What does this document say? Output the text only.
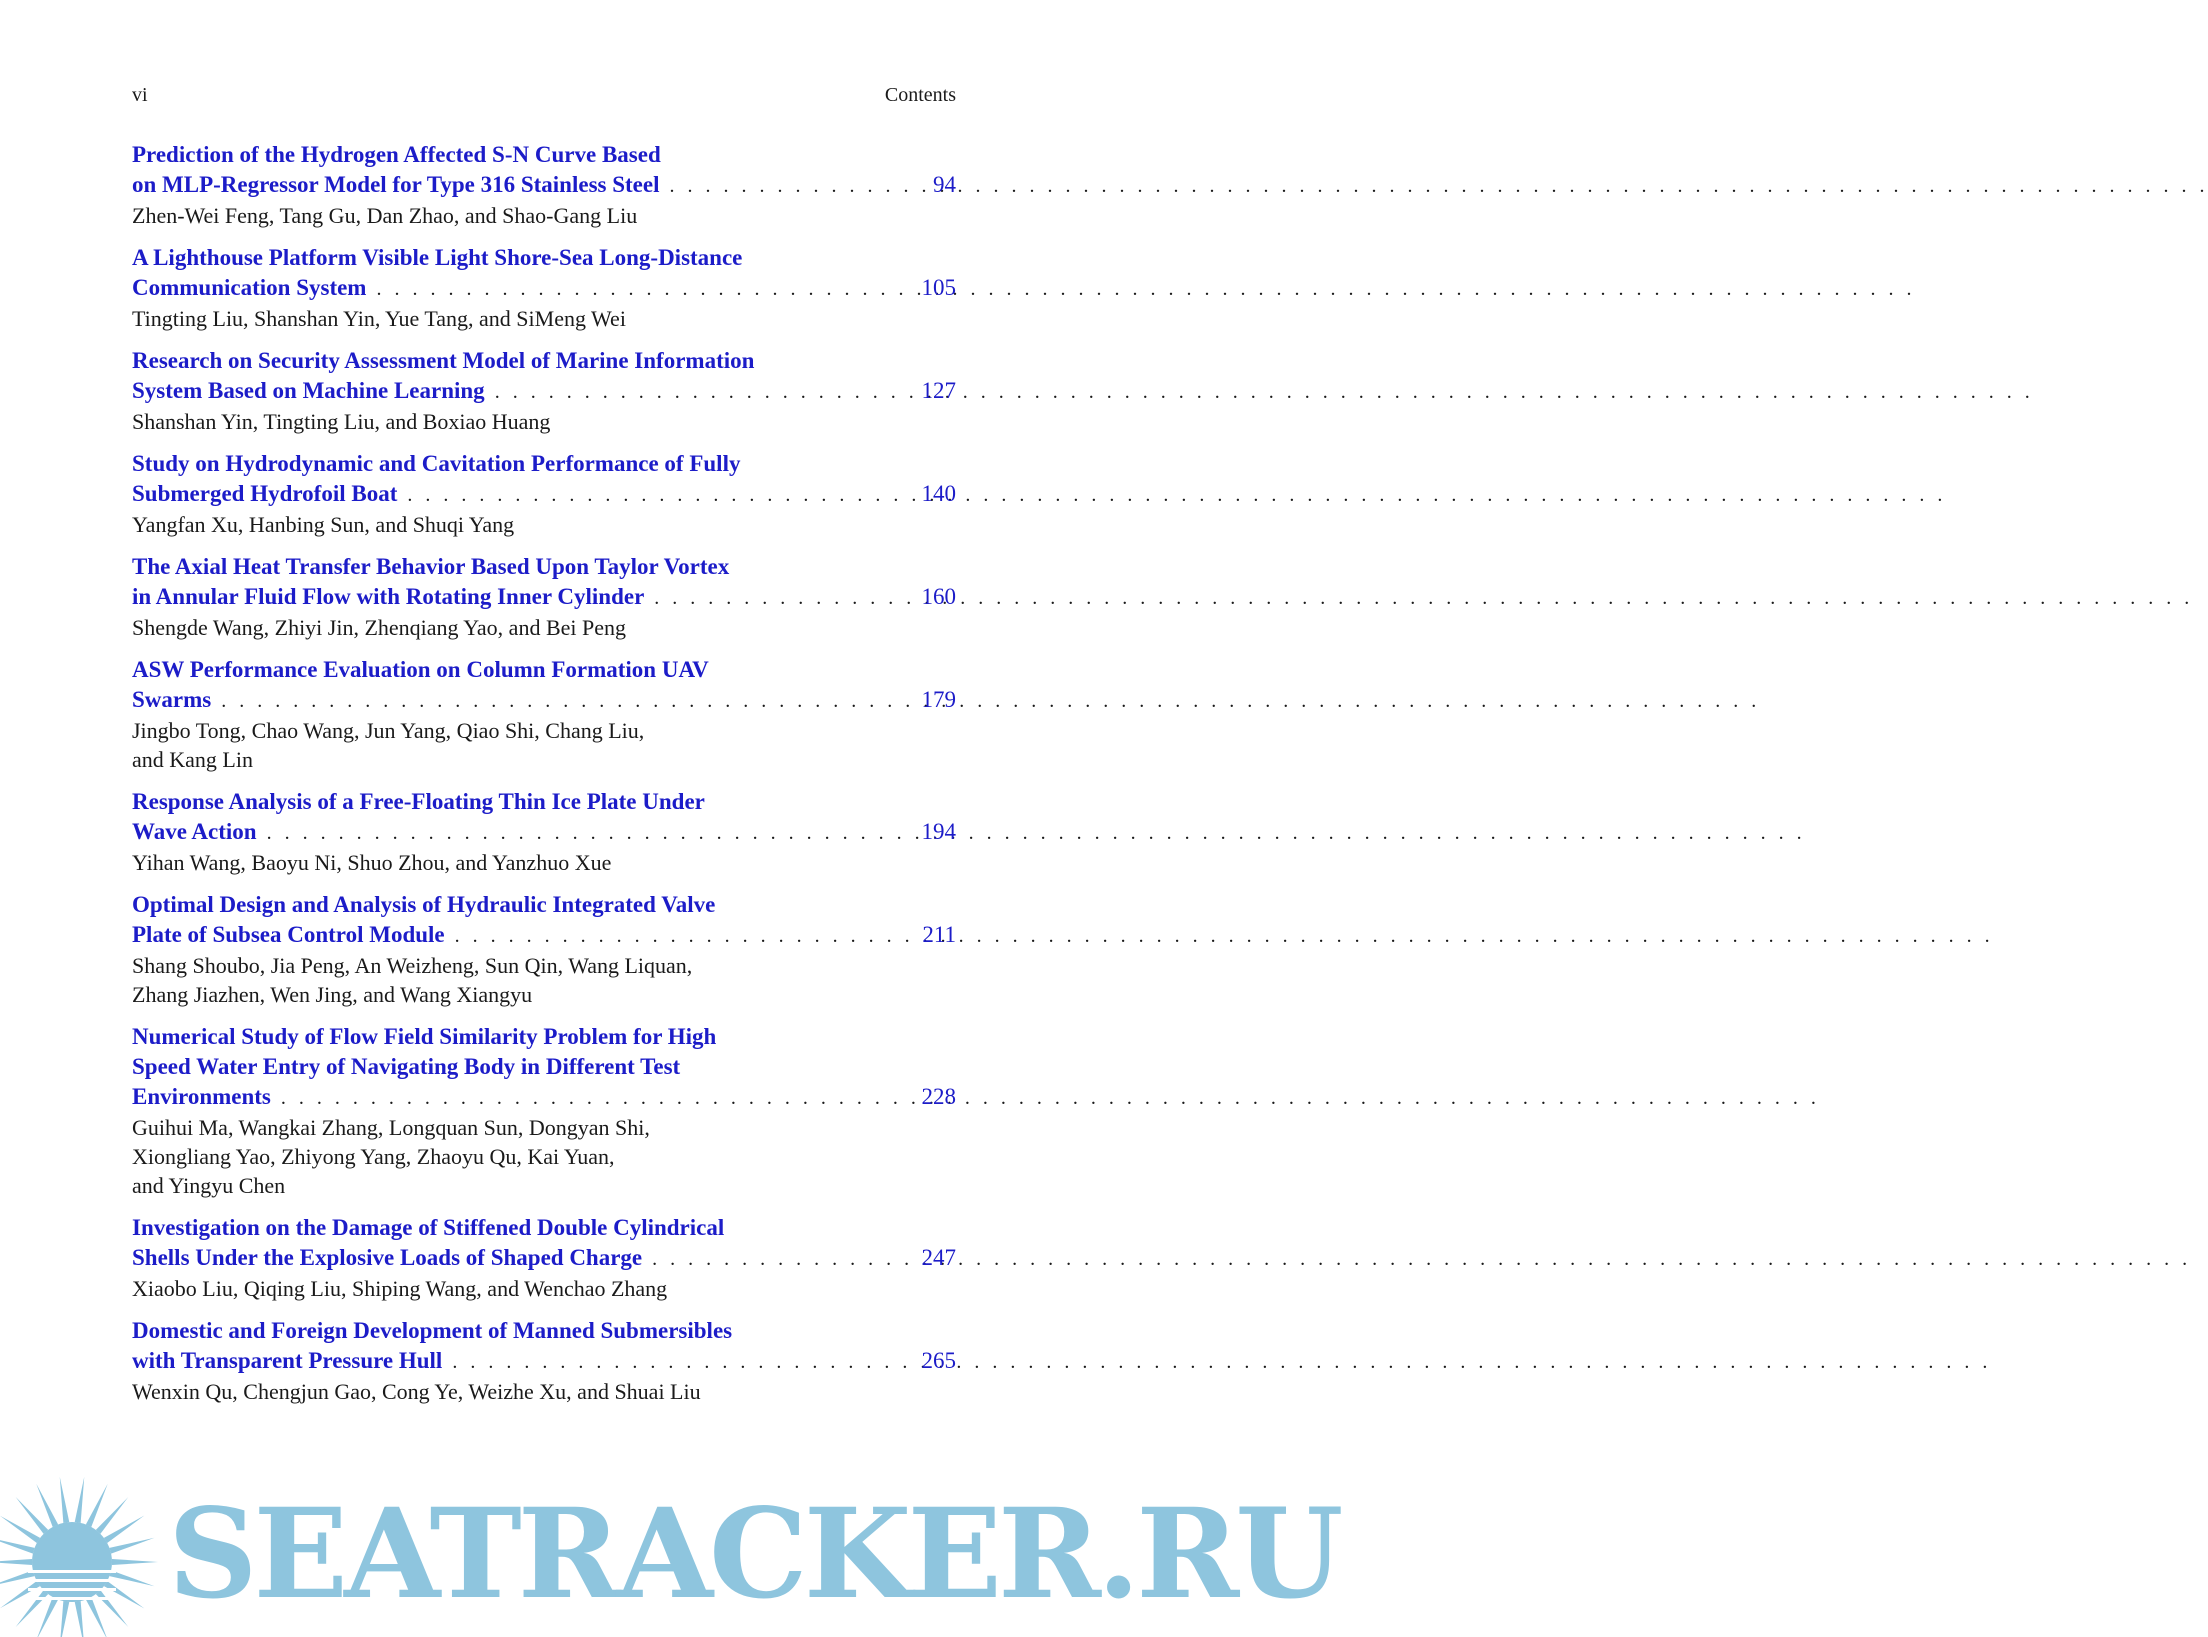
vi	Contents
Prediction of the Hydrogen Affected S-N Curve Based
on MLP-Regressor Model for Type 316 Stainless Steel . . .	94
Zhen-Wei Feng, Tang Gu, Dan Zhao, and Shao-Gang Liu
A Lighthouse Platform Visible Light Shore-Sea Long-Distance
Communication System . . .	105
Tingting Liu, Shanshan Yin, Yue Tang, and SiMeng Wei
Research on Security Assessment Model of Marine Information
System Based on Machine Learning . . .	127
Shanshan Yin, Tingting Liu, and Boxiao Huang
Study on Hydrodynamic and Cavitation Performance of Fully
Submerged Hydrofoil Boat . . .	140
Yangfan Xu, Hanbing Sun, and Shuqi Yang
The Axial Heat Transfer Behavior Based Upon Taylor Vortex
in Annular Fluid Flow with Rotating Inner Cylinder . . .	160
Shengde Wang, Zhiyi Jin, Zhenqiang Yao, and Bei Peng
ASW Performance Evaluation on Column Formation UAV
Swarms . . .	179
Jingbo Tong, Chao Wang, Jun Yang, Qiao Shi, Chang Liu,
and Kang Lin
Response Analysis of a Free-Floating Thin Ice Plate Under
Wave Action . . .	194
Yihan Wang, Baoyu Ni, Shuo Zhou, and Yanzhuo Xue
Optimal Design and Analysis of Hydraulic Integrated Valve
Plate of Subsea Control Module . . .	211
Shang Shoubo, Jia Peng, An Weizheng, Sun Qin, Wang Liquan,
Zhang Jiazhen, Wen Jing, and Wang Xiangyu
Numerical Study of Flow Field Similarity Problem for High
Speed Water Entry of Navigating Body in Different Test
Environments . . .	228
Guihui Ma, Wangkai Zhang, Longquan Sun, Dongyan Shi,
Xiongliang Yao, Zhiyong Yang, Zhaoyu Qu, Kai Yuan,
and Yingyu Chen
Investigation on the Damage of Stiffened Double Cylindrical
Shells Under the Explosive Loads of Shaped Charge . . .	247
Xiaobo Liu, Qiqing Liu, Shiping Wang, and Wenchao Zhang
Domestic and Foreign Development of Manned Submersibles
with Transparent Pressure Hull . . .	265
Wenxin Qu, Chengjun Gao, Cong Ye, Weizhe Xu, and Shuai Liu
SEATRACKER.RU
